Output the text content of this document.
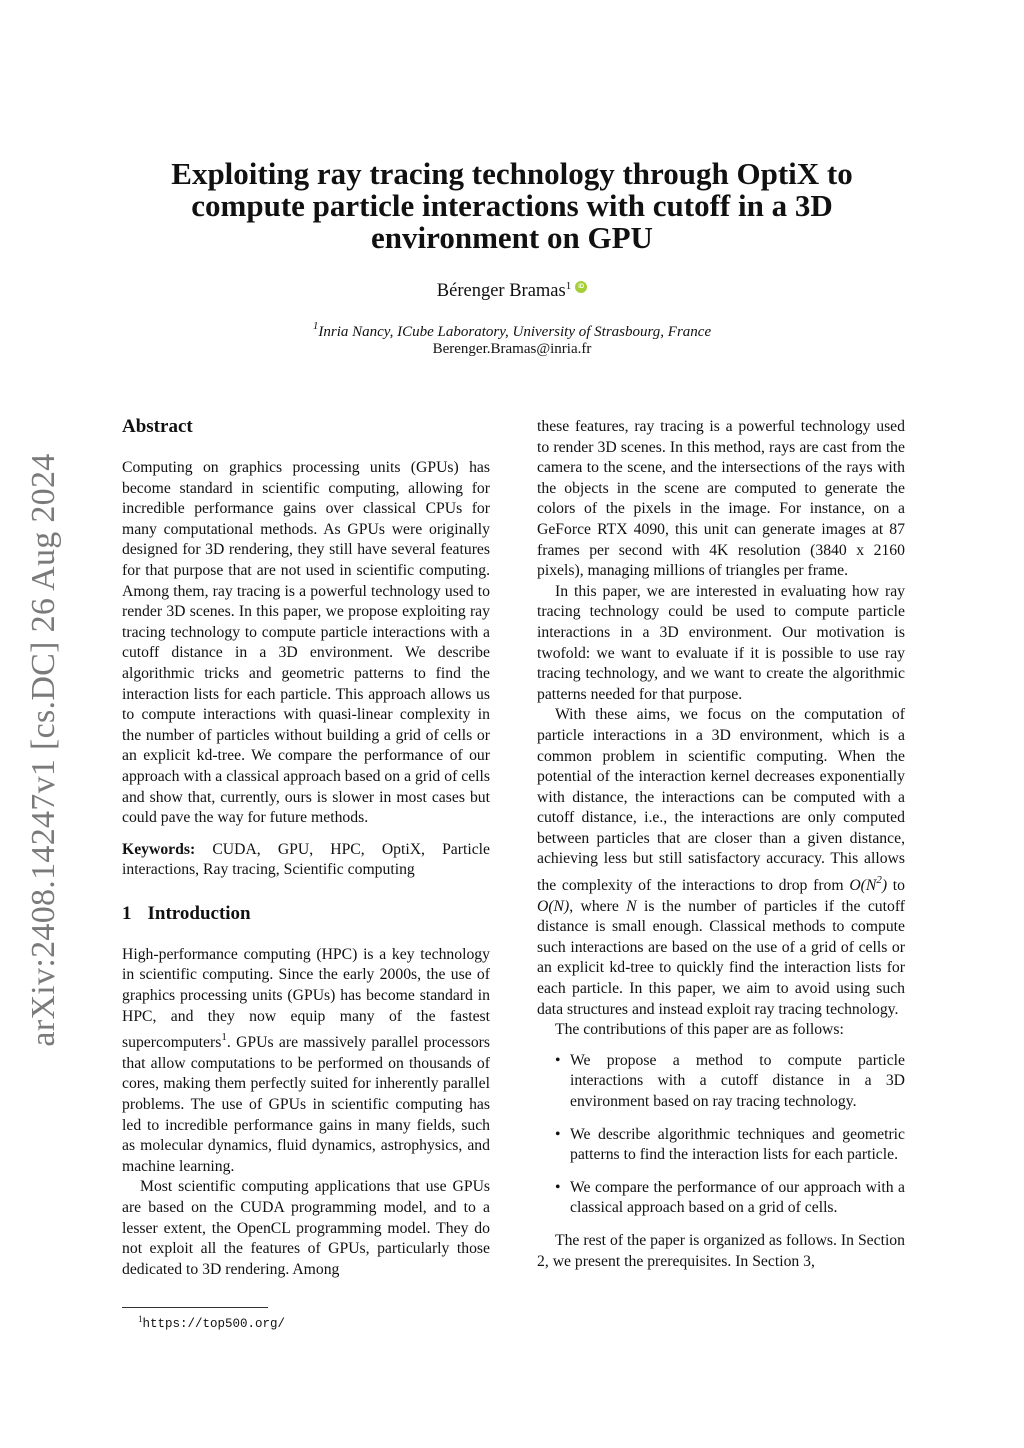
arXiv:2408.14247v1 [cs.DC] 26 Aug 2024
Exploiting ray tracing technology through OptiX to
compute particle interactions with cutoff in a 3D
environment on GPU
Bérenger Bramas$^1$ iD
$^1$Inria Nancy, ICube Laboratory, University of Strasbourg, France
Berenger.Bramas@inria.fr
Abstract

Computing on graphics processing units (GPUs) has become standard in scientific computing, allowing for incredible performance gains over classical CPUs for many computational methods. As GPUs were originally designed for 3D rendering, they still have several features for that purpose that are not used in scientific computing. Among them, ray tracing is a powerful technology used to render 3D scenes. In this paper, we propose exploiting ray tracing technology to compute particle interactions with a cutoff distance in a 3D environment. We describe algorithmic tricks and geometric patterns to find the interaction lists for each particle. This approach allows us to compute interactions with quasi-linear complexity in the number of particles without building a grid of cells or an explicit kd-tree. We compare the performance of our approach with a classical approach based on a grid of cells and show that, currently, ours is slower in most cases but could pave the way for future methods.

Keywords: CUDA, GPU, HPC, OptiX, Particle interactions, Ray tracing, Scientific computing

1 Introduction

High-performance computing (HPC) is a key technology in scientific computing. Since the early 2000s, the use of graphics processing units (GPUs) has become standard in HPC, and they now equip many of the fastest supercomputers$^1$. GPUs are massively parallel processors that allow computations to be performed on thousands of cores, making them perfectly suited for inherently parallel problems. The use of GPUs in scientific computing has led to incredible performance gains in many fields, such as molecular dynamics, fluid dynamics, astrophysics, and machine learning.

Most scientific computing applications that use GPUs are based on the CUDA programming model, and to a lesser extent, the OpenCL programming model. They do not exploit all the features of GPUs, particularly those dedicated to 3D rendering. Among

these features, ray tracing is a powerful technology used to render 3D scenes. In this method, rays are cast from the camera to the scene, and the intersections of the rays with the objects in the scene are computed to generate the colors of the pixels in the image. For instance, on a GeForce RTX 4090, this unit can generate images at 87 frames per second with 4K resolution (3840 x 2160 pixels), managing millions of triangles per frame.

In this paper, we are interested in evaluating how ray tracing technology could be used to compute particle interactions in a 3D environment. Our motivation is twofold: we want to evaluate if it is possible to use ray tracing technology, and we want to create the algorithmic patterns needed for that purpose.

With these aims, we focus on the computation of particle interactions in a 3D environment, which is a common problem in scientific computing. When the potential of the interaction kernel decreases exponentially with distance, the interactions can be computed with a cutoff distance, i.e., the interactions are only computed between particles that are closer than a given distance, achieving less but still satisfactory accuracy. This allows the complexity of the interactions to drop from $O(N^2)$ to O(N), where N is the number of particles if the cutoff distance is small enough. Classical methods to compute such interactions are based on the use of a grid of cells or an explicit kd-tree to quickly find the interaction lists for each particle. In this paper, we aim to avoid using such data structures and instead exploit ray tracing technology.

The contributions of this paper are as follows:

• We propose a method to compute particle interactions with a cutoff distance in a 3D environment based on ray tracing technology.
• We describe algorithmic techniques and geometric patterns to find the interaction lists for each particle.
• We compare the performance of our approach with a classical approach based on a grid of cells.

The rest of the paper is organized as follows. In Section 2, we present the prerequisites. In Section 3,

$^1$https://top500.org/
